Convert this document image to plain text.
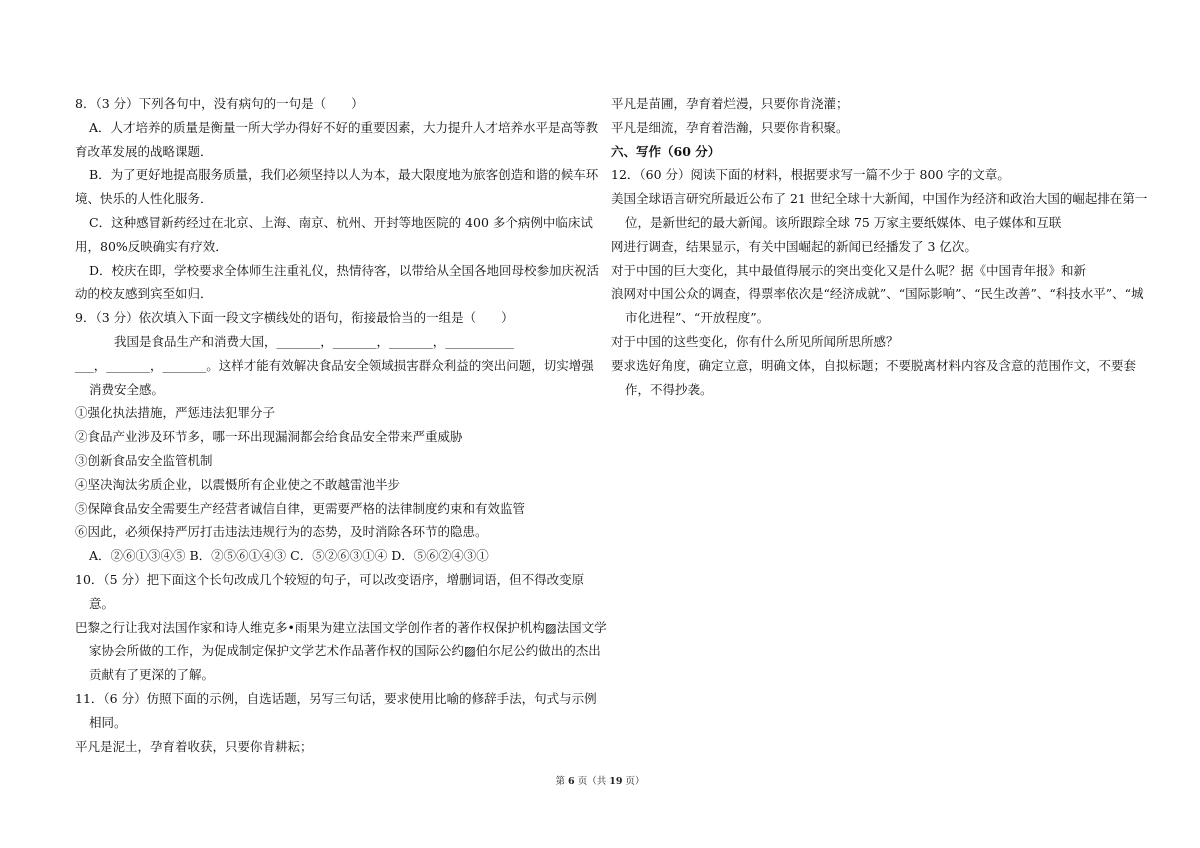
8．（3 分）下列各句中，没有病句的一句是（　　）
A．人才培养的质量是衡量一所大学办得好不好的重要因素，大力提升人才培养水平是高等教
育改革发展的战略课题．
B．为了更好地提高服务质量，我们必须坚持以人为本，最大限度地为旅客创造和谐的候车环
境、快乐的人性化服务．
C．这种感冒新药经过在北京、上海、南京、杭州、开封等地医院的 400 多个病例中临床试
用，80%反映确实有疗效．
D．校庆在即，学校要求全体师生注重礼仪，热情待客，以带给从全国各地回母校参加庆祝活
动的校友感到宾至如归．
9．（3 分）依次填入下面一段文字横线处的语句，衔接最恰当的一组是（　　）
　　我国是食品生产和消费大国，_______，_______，_______，___________
___，_______，_______。这样才能有效解决食品安全领域损害群众利益的突出问题，切实增强
消费安全感。
①强化执法措施，严惩违法犯罪分子
②食品产业涉及环节多，哪一环出现漏洞都会给食品安全带来严重威胁
③创新食品安全监管机制
④坚决淘汰劣质企业，以震慑所有企业使之不敢越雷池半步
⑤保障食品安全需要生产经营者诚信自律，更需要严格的法律制度约束和有效监管
⑥因此，必须保持严厉打击违法违规行为的态势，及时消除各环节的隐患。
A．②⑥①③④⑤ B．②⑤⑥①④③ C．⑤②⑥③①④ D．⑤⑥②④③①
10．（5 分）把下面这个长句改成几个较短的句子，可以改变语序，增删词语，但不得改变原
意。
巴黎之行让我对法国作家和诗人维克多•雨果为建立法国文学创作者的著作权保护机构▨法国文学
家协会所做的工作，为促成制定保护文学艺术作品著作权的国际公约▨伯尔尼公约做出的杰出
贡献有了更深的了解。
11．（6 分）仿照下面的示例，自选话题，另写三句话，要求使用比喻的修辞手法，句式与示例
相同。
平凡是泥土，孕育着收获，只要你肯耕耘；
平凡是苗圃，孕育着烂漫，只要你肯浇灌；
平凡是细流，孕育着浩瀚，只要你肯积聚。
六、写作（60 分）
12．（60 分）阅读下面的材料，根据要求写一篇不少于 800 字的文章。
美国全球语言研究所最近公布了 21 世纪全球十大新闻，中国作为经济和政治大国的崛起排在第一
位，是新世纪的最大新闻。该所跟踪全球 75 万家主要纸媒体、电子媒体和互联
网进行调查，结果显示，有关中国崛起的新闻已经播发了 3 亿次。
对于中国的巨大变化，其中最值得展示的突出变化又是什么呢？据《中国青年报》和新
浪网对中国公众的调查，得票率依次是“经济成就”、“国际影响”、“民生改善”、“科技水平”、“城
市化进程”、“开放程度”。
对于中国的这些变化，你有什么所见所闻所思所感？
要求选好角度，确定立意，明确文体，自拟标题；不要脱离材料内容及含意的范围作文，不要套
作，不得抄袭。
第 6 页（共 19 页）
